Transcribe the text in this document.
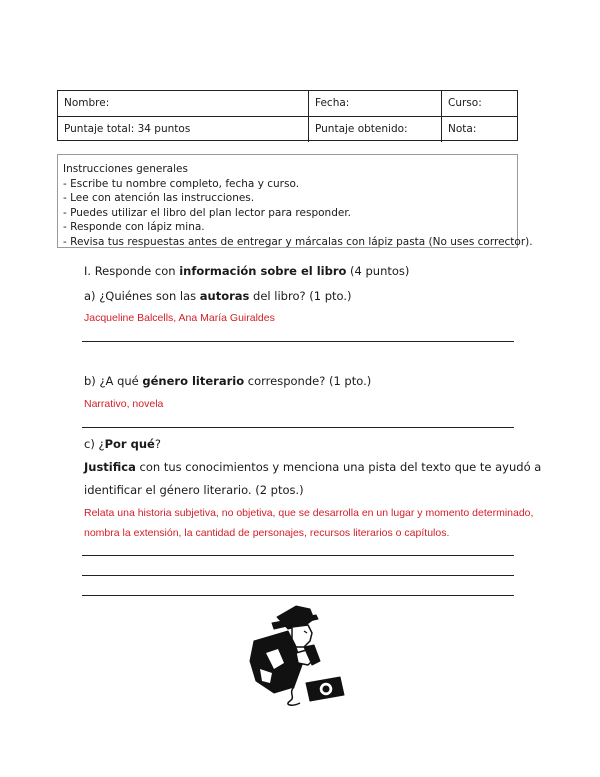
Nombre:	Fecha:	Curso:
Puntaje total: 34 puntos	Puntaje obtenido:	Nota:
Instrucciones generales
- Escribe tu nombre completo, fecha y curso.
- Lee con atención las instrucciones.
- Puedes utilizar el libro del plan lector para responder.
- Responde con lápiz mina.
- Revisa tus respuestas antes de entregar y márcalas con lápiz pasta (No uses corrector).
I. Responde con información sobre el libro (4 puntos)
a) ¿Quiénes son las autoras del libro? (1 pto.)
Jacqueline Balcells, Ana María Guiraldes
b) ¿A qué género literario corresponde? (1 pto.)
Narrativo, novela
c) ¿Por qué?
Justifica con tus conocimientos y menciona una pista del texto que te ayudó a
identificar el género literario. (2 ptos.)
Relata una historia subjetiva, no objetiva, que se desarrolla en un lugar y momento determinado,
nombra la extensión, la cantidad de personajes, recursos literarios o capítulos.
